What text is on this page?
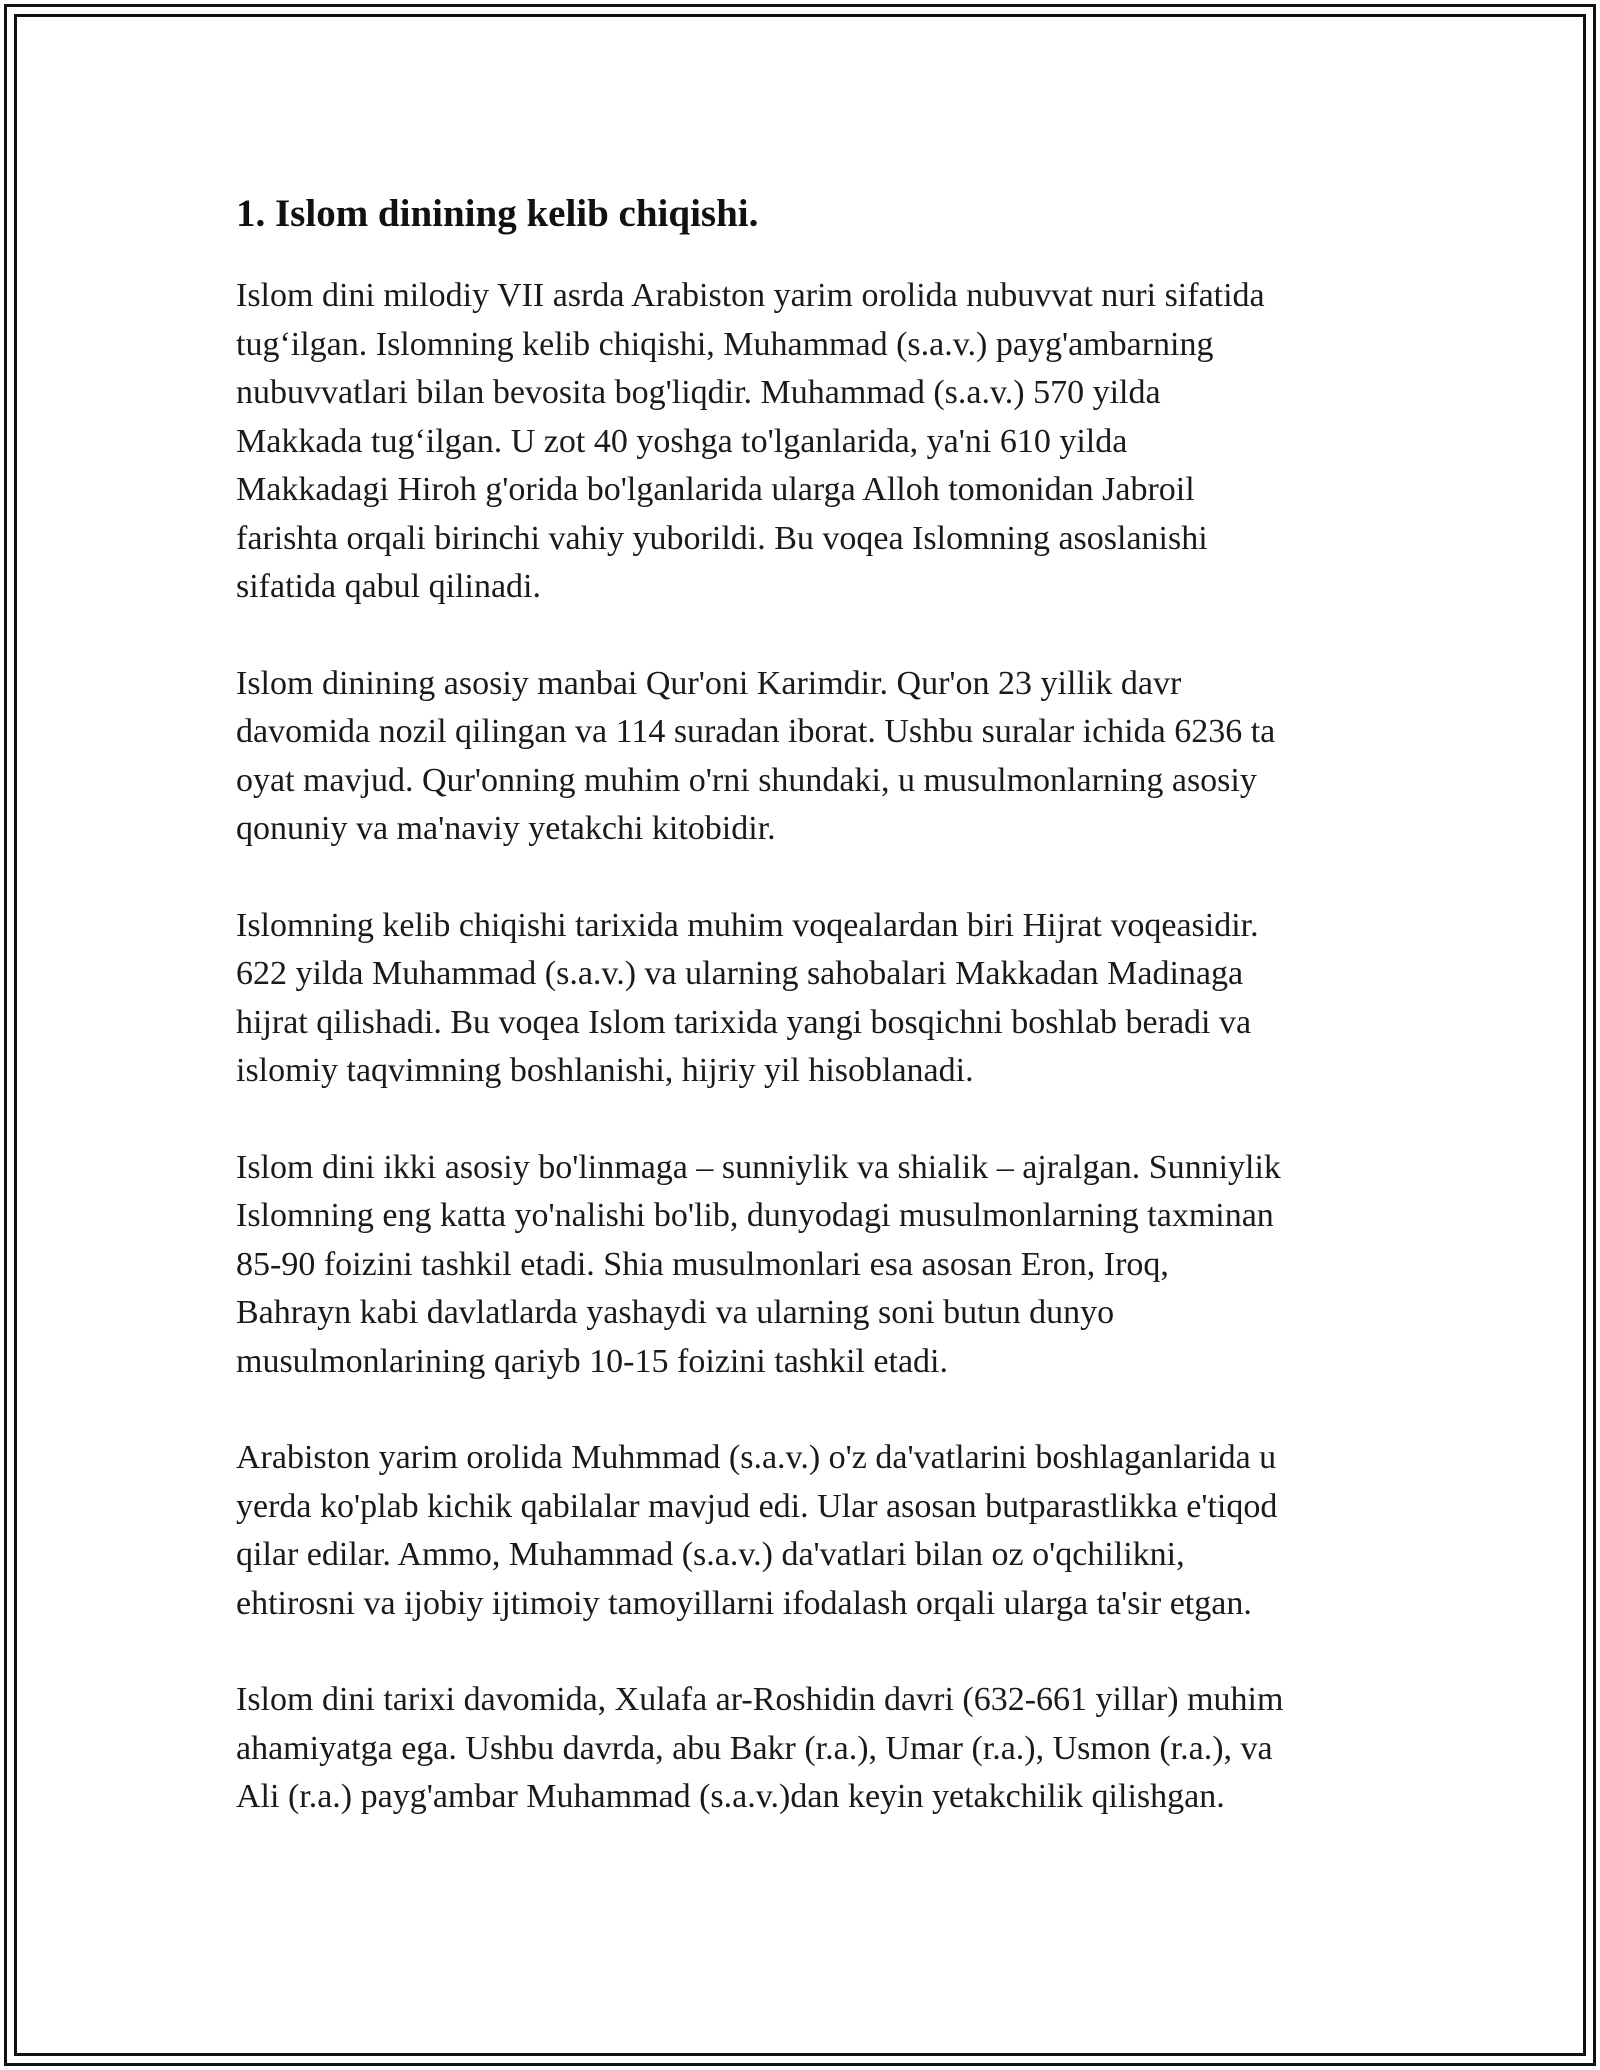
1. Islom dinining kelib chiqishi.

Islom dini milodiy VII asrda Arabiston yarim orolida nubuvvat nuri sifatida
tug‘ilgan. Islomning kelib chiqishi, Muhammad (s.a.v.) payg'ambarning
nubuvvatlari bilan bevosita bog'liqdir. Muhammad (s.a.v.) 570 yilda
Makkada tug‘ilgan. U zot 40 yoshga to'lganlarida, ya'ni 610 yilda
Makkadagi Hiroh g'orida bo'lganlarida ularga Alloh tomonidan Jabroil
farishta orqali birinchi vahiy yuborildi. Bu voqea Islomning asoslanishi
sifatida qabul qilinadi.

Islom dinining asosiy manbai Qur'oni Karimdir. Qur'on 23 yillik davr
davomida nozil qilingan va 114 suradan iborat. Ushbu suralar ichida 6236 ta
oyat mavjud. Qur'onning muhim o'rni shundaki, u musulmonlarning asosiy
qonuniy va ma'naviy yetakchi kitobidir.

Islomning kelib chiqishi tarixida muhim voqealardan biri Hijrat voqeasidir.
622 yilda Muhammad (s.a.v.) va ularning sahobalari Makkadan Madinaga
hijrat qilishadi. Bu voqea Islom tarixida yangi bosqichni boshlab beradi va
islomiy taqvimning boshlanishi, hijriy yil hisoblanadi.

Islom dini ikki asosiy bo'linmaga – sunniylik va shialik – ajralgan. Sunniylik
Islomning eng katta yo'nalishi bo'lib, dunyodagi musulmonlarning taxminan
85-90 foizini tashkil etadi. Shia musulmonlari esa asosan Eron, Iroq,
Bahrayn kabi davlatlarda yashaydi va ularning soni butun dunyo
musulmonlarining qariyb 10-15 foizini tashkil etadi.

Arabiston yarim orolida Muhmmad (s.a.v.) o'z da'vatlarini boshlaganlarida u
yerda ko'plab kichik qabilalar mavjud edi. Ular asosan butparastlikka e'tiqod
qilar edilar. Ammo, Muhammad (s.a.v.) da'vatlari bilan oz o'qchilikni,
ehtirosni va ijobiy ijtimoiy tamoyillarni ifodalash orqali ularga ta'sir etgan.

Islom dini tarixi davomida, Xulafa ar-Roshidin davri (632-661 yillar) muhim
ahamiyatga ega. Ushbu davrda, abu Bakr (r.a.), Umar (r.a.), Usmon (r.a.), va
Ali (r.a.) payg'ambar Muhammad (s.a.v.)dan keyin yetakchilik qilishgan.
